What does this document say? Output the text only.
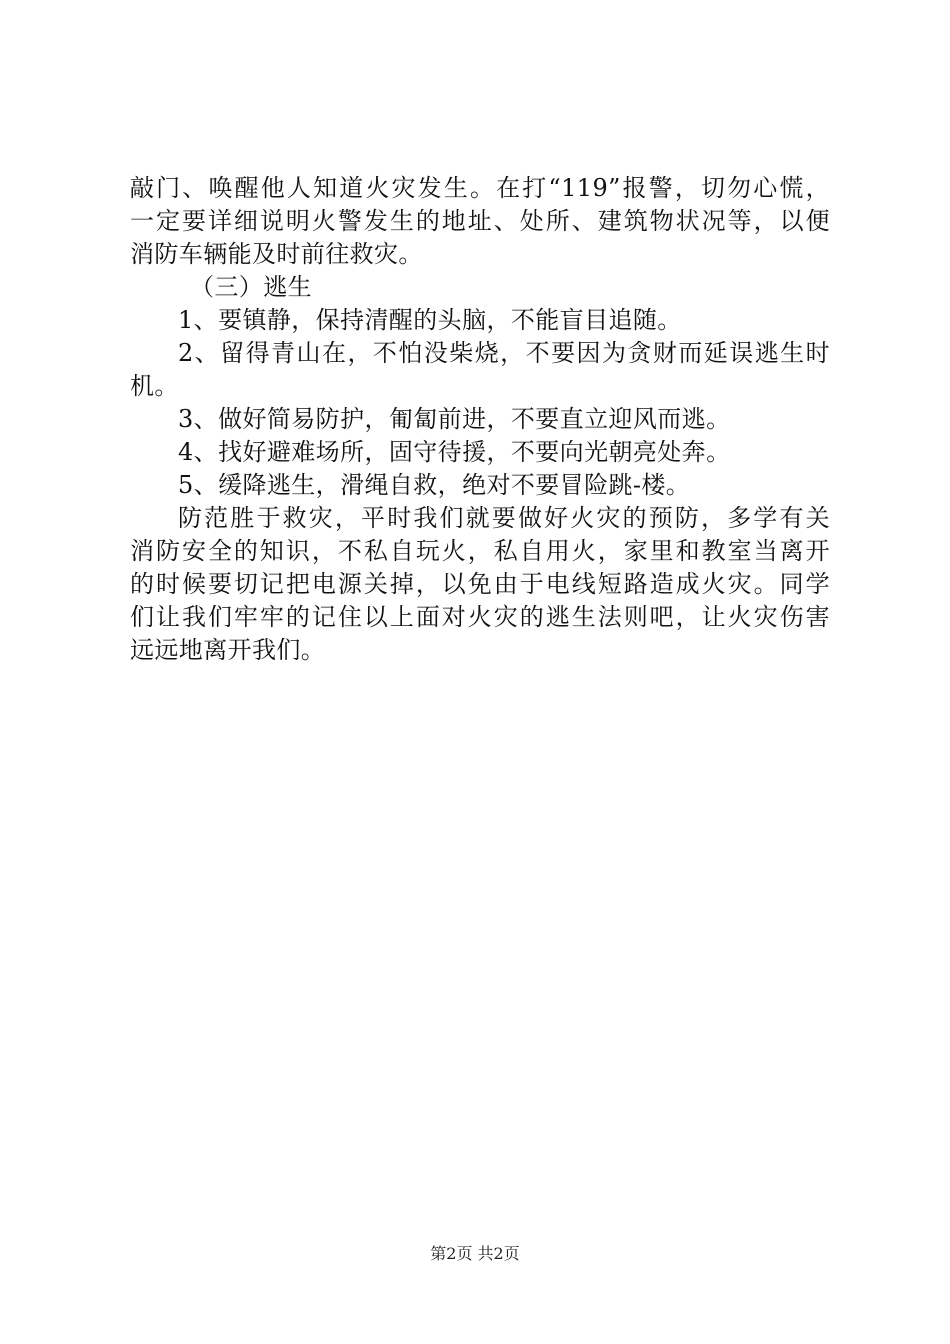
敲门、唤醒他人知道火灾发生。在打“119”报警，切勿心慌，
一定要详细说明火警发生的地址、处所、建筑物状况等，以便
消防车辆能及时前往救灾。
（三）逃生
1、要镇静，保持清醒的头脑，不能盲目追随。
2、留得青山在，不怕没柴烧，不要因为贪财而延误逃生时
机。
3、做好简易防护，匍匐前进，不要直立迎风而逃。
4、找好避难场所，固守待援，不要向光朝亮处奔。
5、缓降逃生，滑绳自救，绝对不要冒险跳-楼。
防范胜于救灾，平时我们就要做好火灾的预防，多学有关
消防安全的知识，不私自玩火，私自用火，家里和教室当离开
的时候要切记把电源关掉，以免由于电线短路造成火灾。同学
们让我们牢牢的记住以上面对火灾的逃生法则吧，让火灾伤害
远远地离开我们。
第2页 共2页
